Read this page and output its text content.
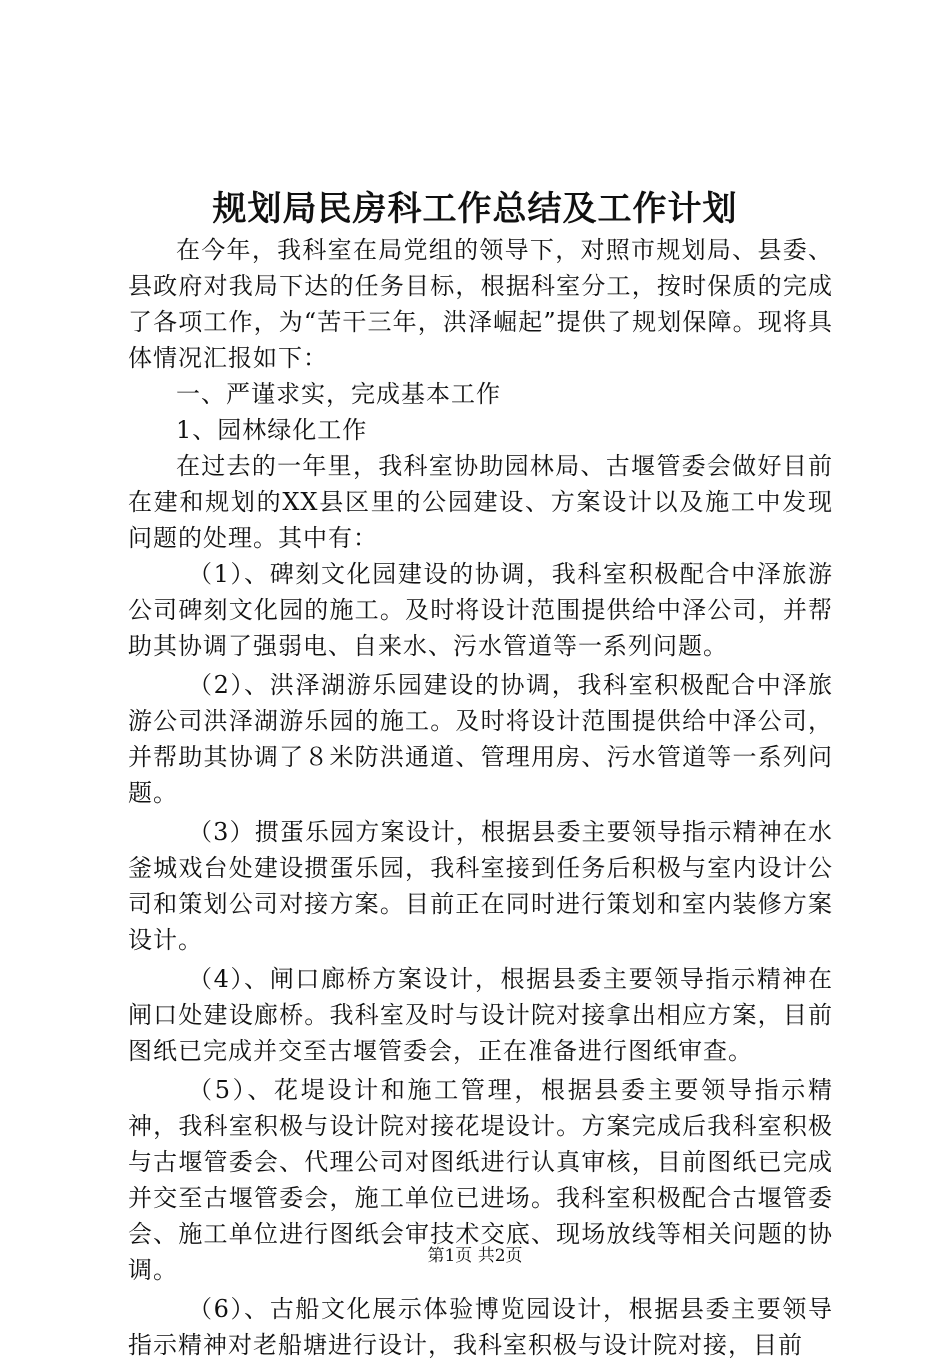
规划局民房科工作总结及工作计划

在今年，我科室在局党组的领导下，对照市规划局、县委、县政府对我局下达的任务目标，根据科室分工，按时保质的完成了各项工作，为“苦干三年，洪泽崛起”提供了规划保障。现将具体情况汇报如下：

一、严谨求实，完成基本工作

1、园林绿化工作

在过去的一年里，我科室协助园林局、古堰管委会做好目前在建和规划的XX县区里的公园建设、方案设计以及施工中发现问题的处理。其中有：

（1）、碑刻文化园建设的协调，我科室积极配合中泽旅游公司碑刻文化园的施工。及时将设计范围提供给中泽公司，并帮助其协调了强弱电、自来水、污水管道等一系列问题。

（2）、洪泽湖游乐园建设的协调，我科室积极配合中泽旅游公司洪泽湖游乐园的施工。及时将设计范围提供给中泽公司，并帮助其协调了８米防洪通道、管理用房、污水管道等一系列问题。

（3）掼蛋乐园方案设计，根据县委主要领导指示精神在水釜城戏台处建设掼蛋乐园，我科室接到任务后积极与室内设计公司和策划公司对接方案。目前正在同时进行策划和室内装修方案设计。

（4）、闸口廊桥方案设计，根据县委主要领导指示精神在闸口处建设廊桥。我科室及时与设计院对接拿出相应方案，目前图纸已完成并交至古堰管委会，正在准备进行图纸审查。

（5）、花堤设计和施工管理，根据县委主要领导指示精神，我科室积极与设计院对接花堤设计。方案完成后我科室积极与古堰管委会、代理公司对图纸进行认真审核，目前图纸已完成并交至古堰管委会，施工单位已进场。我科室积极配合古堰管委会、施工单位进行图纸会审技术交底、现场放线等相关问题的协调。

（6）、古船文化展示体验博览园设计，根据县委主要领导指示精神对老船塘进行设计，我科室积极与设计院对接，目前

第1页 共2页
